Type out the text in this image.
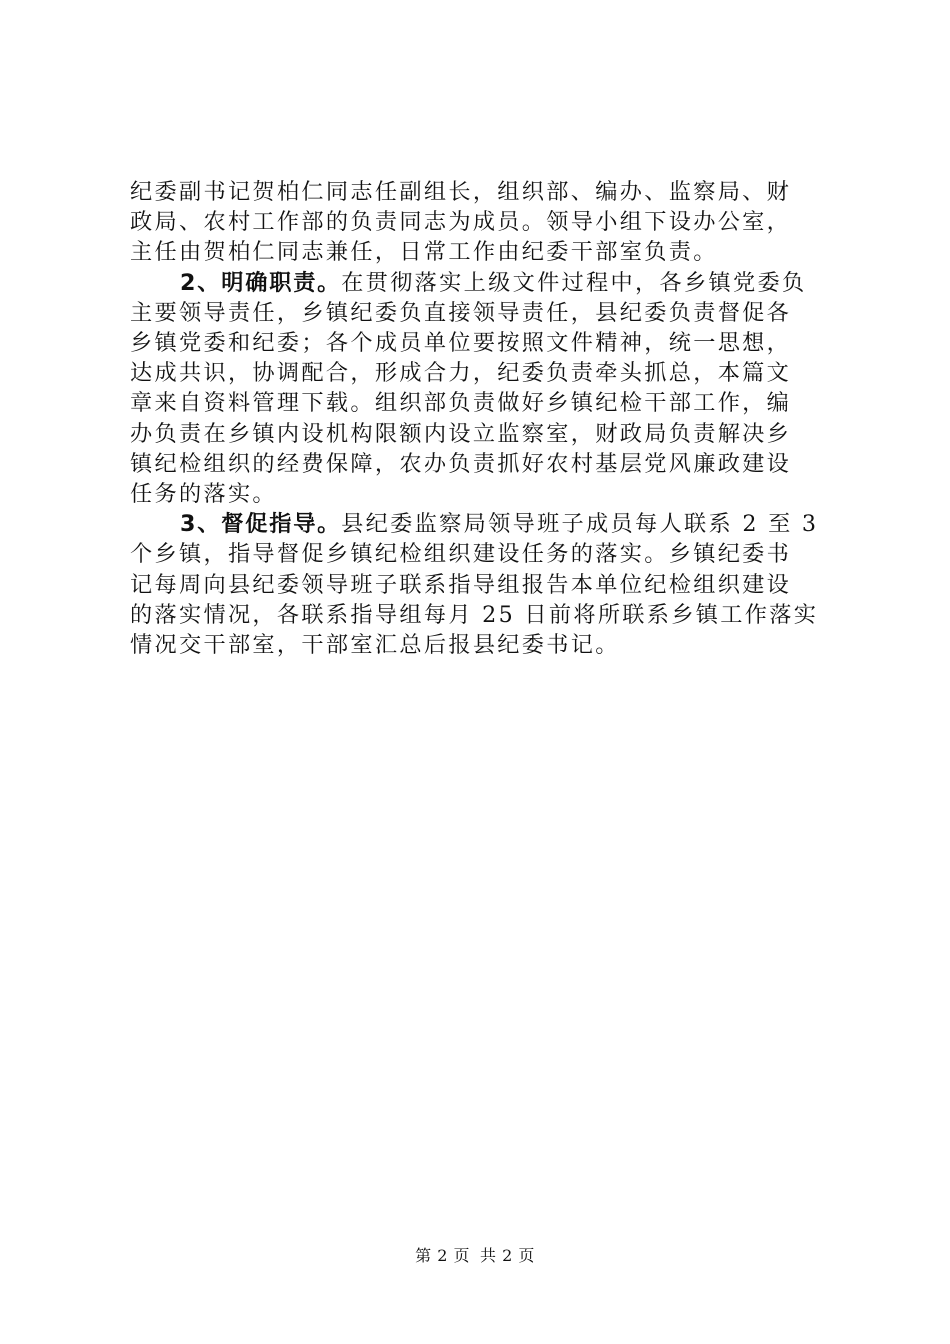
纪委副书记贺柏仁同志任副组长，组织部、编办、监察局、财
政局、农村工作部的负责同志为成员。领导小组下设办公室，
主任由贺柏仁同志兼任，日常工作由纪委干部室负责。

2、明确职责。在贯彻落实上级文件过程中，各乡镇党委负
主要领导责任，乡镇纪委负直接领导责任，县纪委负责督促各
乡镇党委和纪委；各个成员单位要按照文件精神，统一思想，
达成共识，协调配合，形成合力，纪委负责牵头抓总，本篇文
章来自资料管理下载。组织部负责做好乡镇纪检干部工作，编
办负责在乡镇内设机构限额内设立监察室，财政局负责解决乡
镇纪检组织的经费保障，农办负责抓好农村基层党风廉政建设
任务的落实。

3、督促指导。县纪委监察局领导班子成员每人联系 2 至 3
个乡镇，指导督促乡镇纪检组织建设任务的落实。乡镇纪委书
记每周向县纪委领导班子联系指导组报告本单位纪检组织建设
的落实情况，各联系指导组每月 25 日前将所联系乡镇工作落实
情况交干部室，干部室汇总后报县纪委书记。

第 2 页 共 2 页
